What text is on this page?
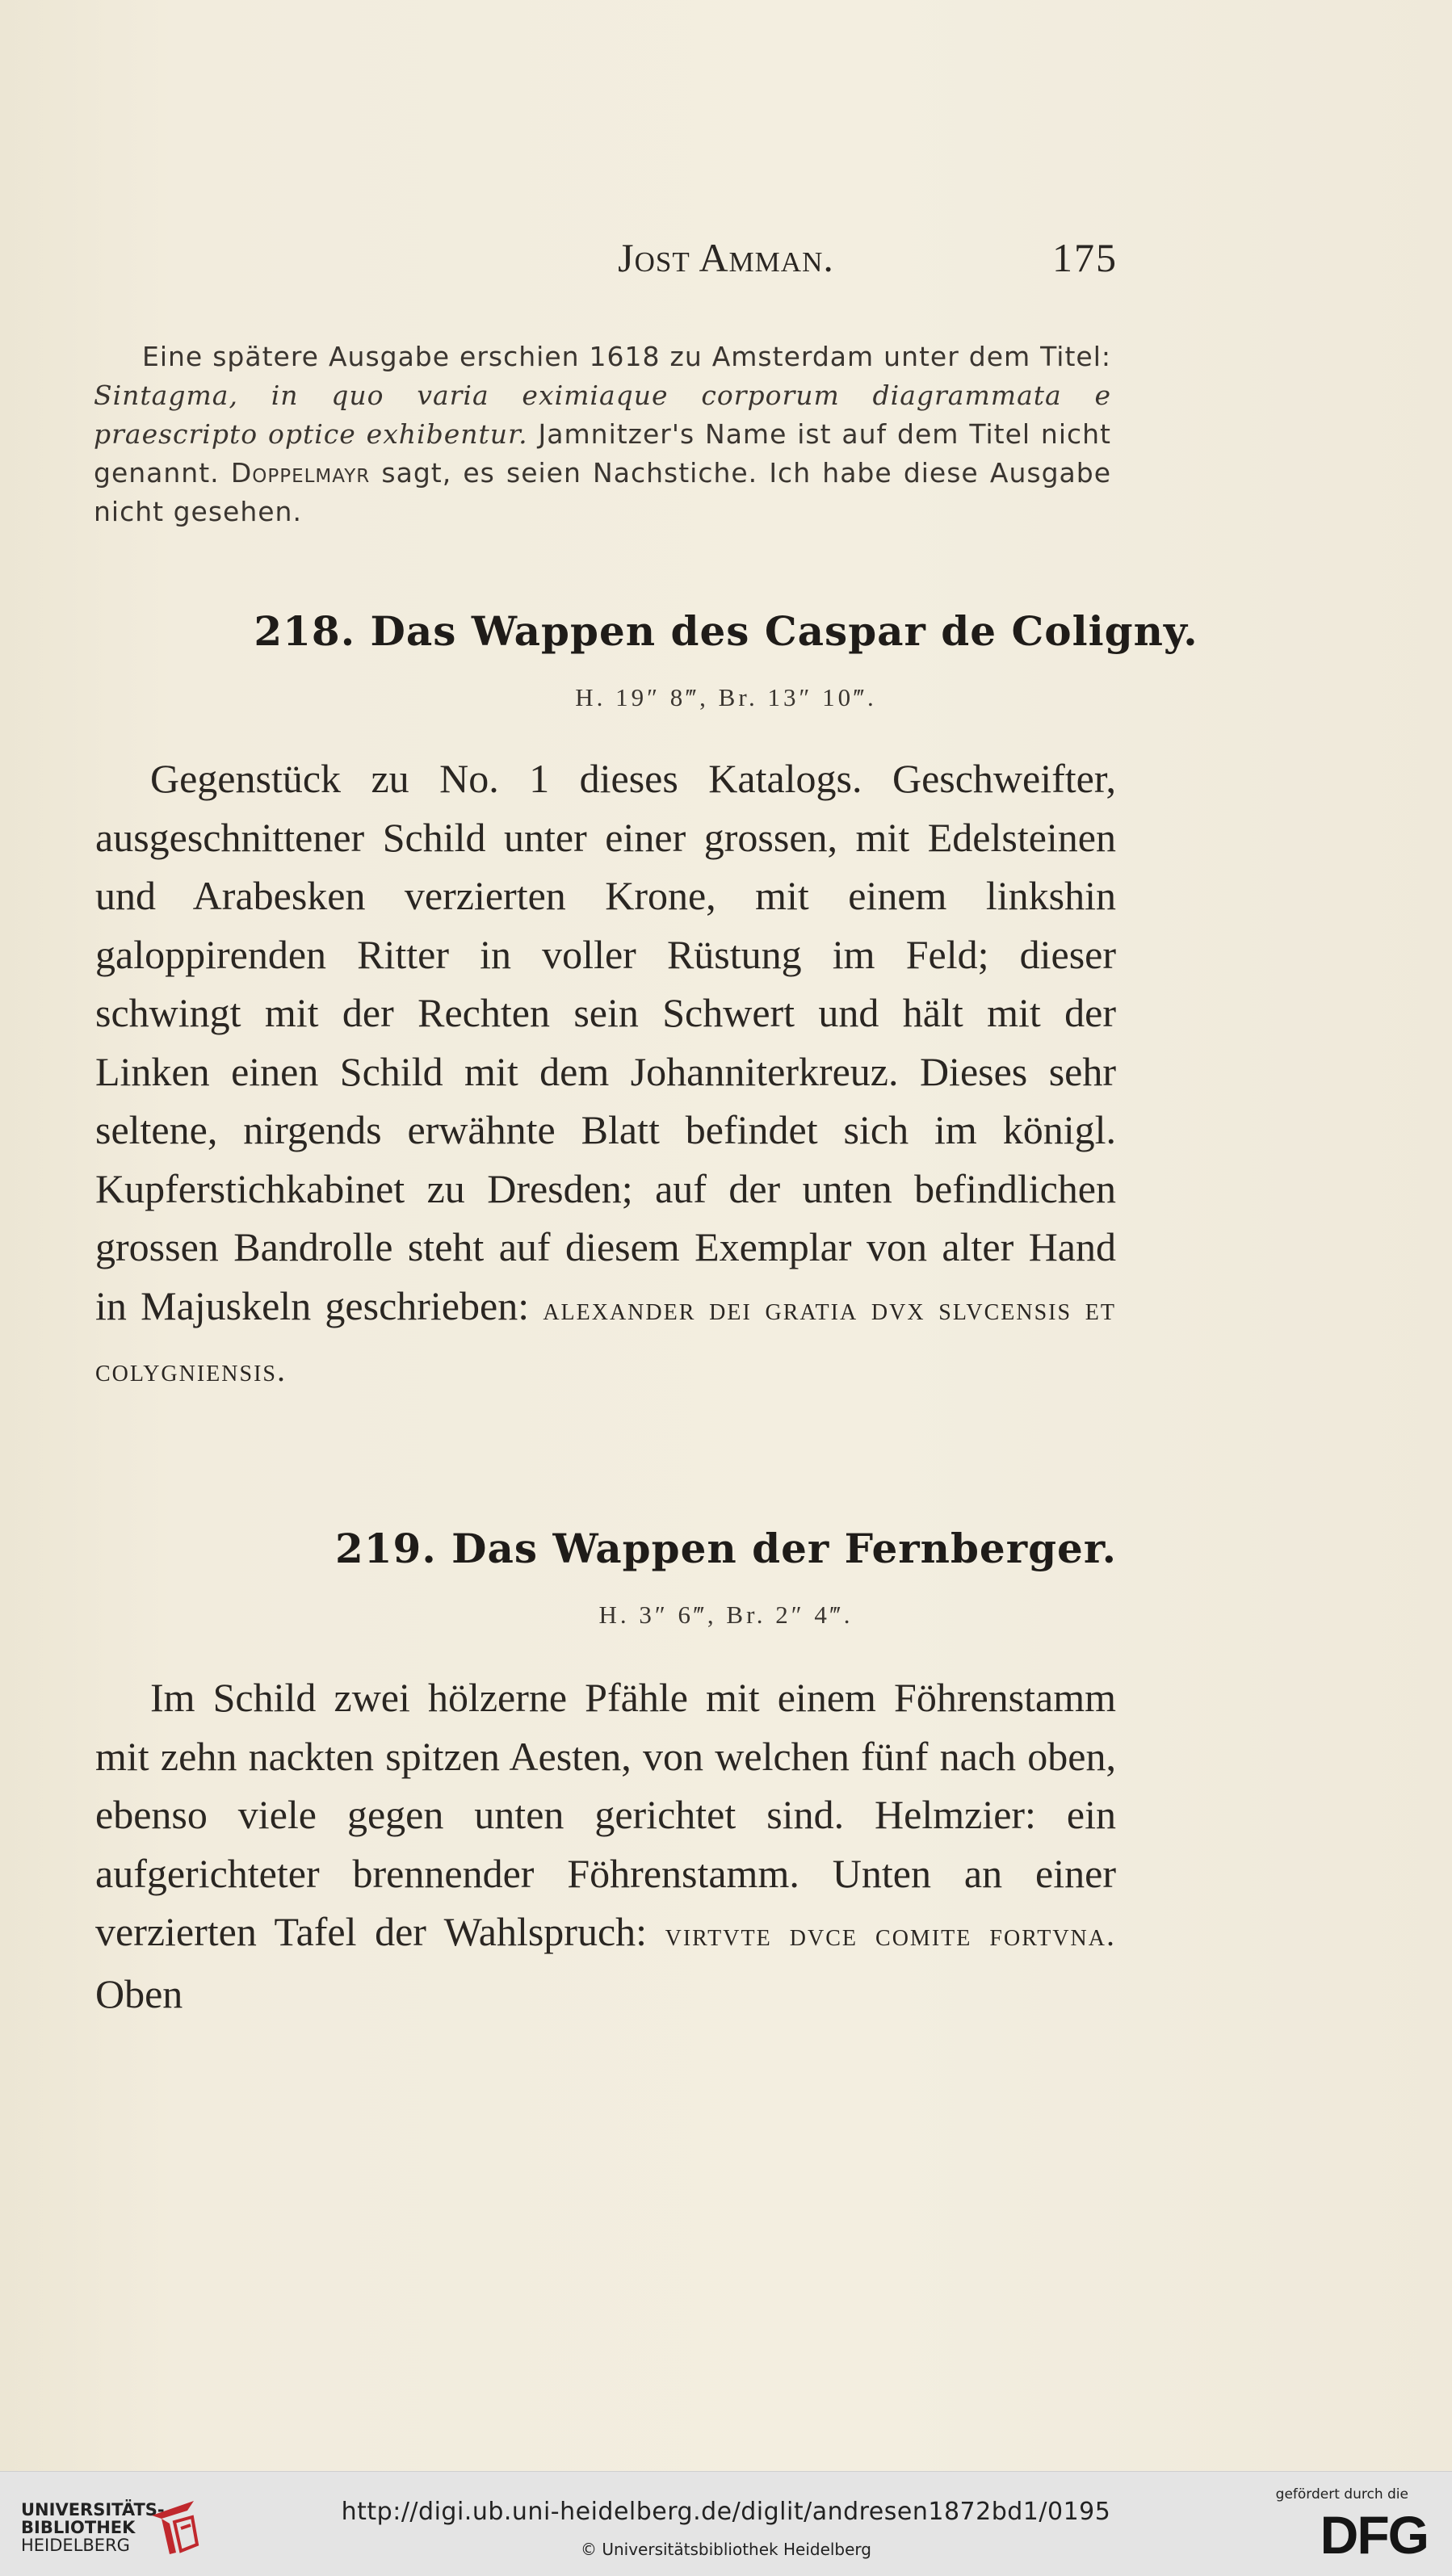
Jost Amman.	175
Eine spätere Ausgabe erschien 1618 zu Amsterdam unter dem Titel: Sintagma, in quo varia eximiaque corporum diagrammata e praescripto optice exhibentur. Jamnitzer's Name ist auf dem Titel nicht genannt. Doppelmayr sagt, es seien Nachstiche. Ich habe diese Ausgabe nicht gesehen.
218. Das Wappen des Caspar de Coligny.
H. 19″ 8‴, Br. 13″ 10‴.
Gegenstück zu No. 1 dieses Katalogs. Geschweifter, ausgeschnittener Schild unter einer grossen, mit Edelsteinen und Arabesken verzierten Krone, mit einem linkshin galoppirenden Ritter in voller Rüstung im Feld; dieser schwingt mit der Rechten sein Schwert und hält mit der Linken einen Schild mit dem Johanniterkreuz. Dieses sehr seltene, nirgends erwähnte Blatt befindet sich im königl. Kupferstichkabinet zu Dresden; auf der unten befindlichen grossen Bandrolle steht auf diesem Exemplar von alter Hand in Majuskeln geschrieben: alexander dei gratia dvx slvcensis et colygniensis.
219. Das Wappen der Fernberger.
H. 3″ 6‴, Br. 2″ 4‴.
Im Schild zwei hölzerne Pfähle mit einem Föhrenstamm mit zehn nackten spitzen Aesten, von welchen fünf nach oben, ebenso viele gegen unten gerichtet sind. Helmzier: ein aufgerichteter brennender Föhrenstamm. Unten an einer verzierten Tafel der Wahlspruch: virtvte dvce comite fortvna. Oben
UNIVERSITÄTS-
BIBLIOTHEK
HEIDELBERG
http://digi.ub.uni-heidelberg.de/diglit/andresen1872bd1/0195
© Universitätsbibliothek Heidelberg
gefördert durch die
DFG
